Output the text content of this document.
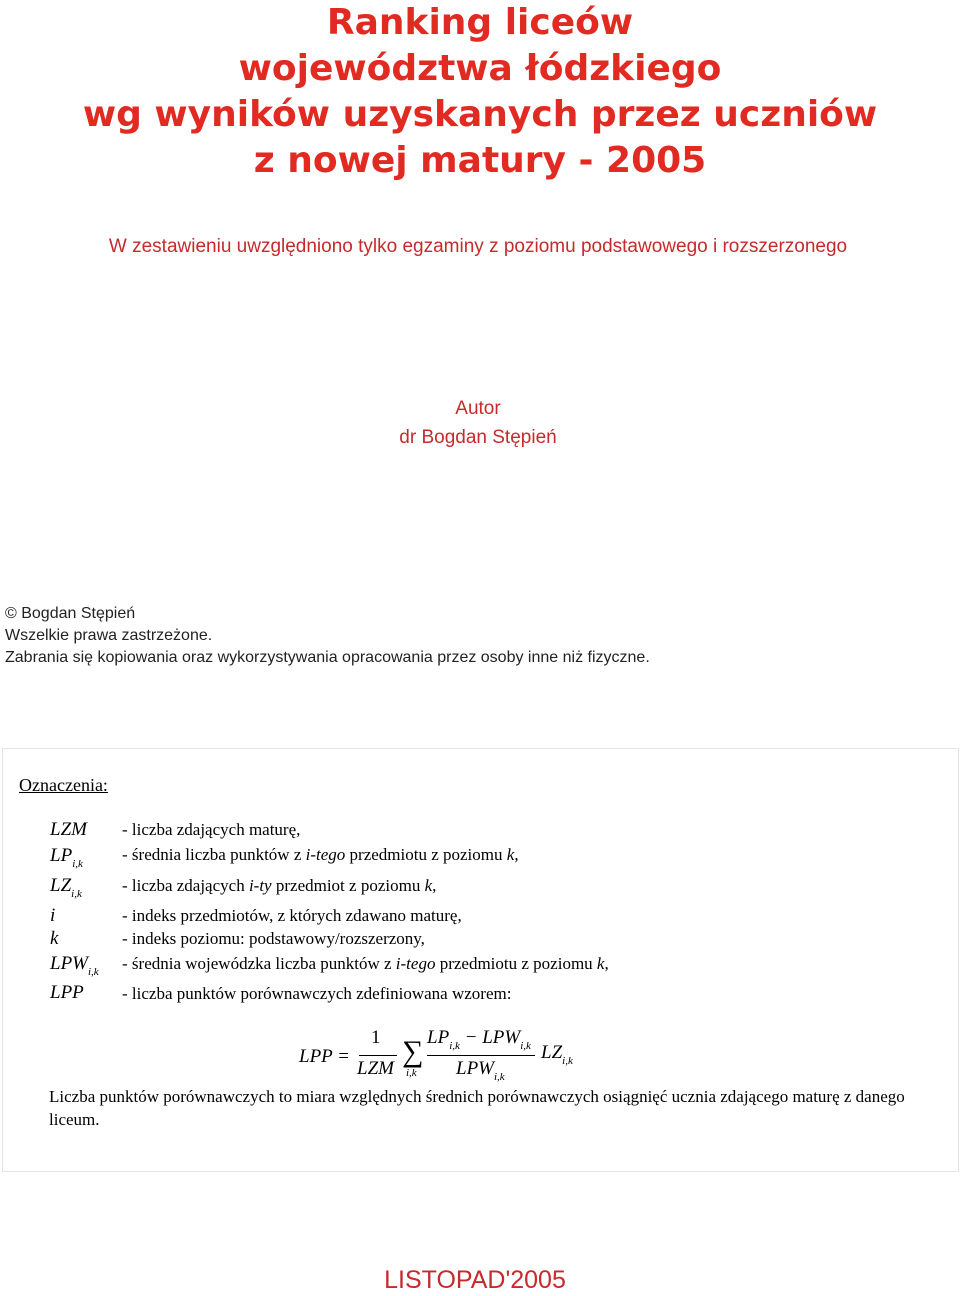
Ranking liceów
województwa łódzkiego
wg wyników uzyskanych przez uczniów
z nowej matury - 2005
W zestawieniu uwzględniono tylko egzaminy z poziomu podstawowego i rozszerzonego
Autor
dr Bogdan Stępień
© Bogdan Stępień
Wszelkie prawa zastrzeżone.
Zabrania się kopiowania oraz wykorzystywania opracowania przez osoby inne niż fizyczne.
Oznaczenia:
LZM - liczba zdających maturę,
$LP_{i,k}$ - średnia liczba punktów z i-tego przedmiotu z poziomu k,
$LZ_{i,k}$ - liczba zdających i-ty przedmiot z poziomu k,
i	- indeks przedmiotów, z których zdawano maturę,
k	- indeks poziomu: podstawowy/rozszerzony,
$LPW_{i,k}$ - średnia wojewódzka liczba punktów z i-tego przedmiotu z poziomu k,
LPP - liczba punktów porównawczych zdefiniowana wzorem:
LPP =
1
LZM
∑
i,k
$LP_{i,k} - LPW_{i,k}$
$LPW_{i,k}$
$LZ_{i,k}$
Liczba punktów porównawczych to miara względnych średnich porównawczych osiągnięć ucznia zdającego maturę z danego liceum.
LISTOPAD'2005
